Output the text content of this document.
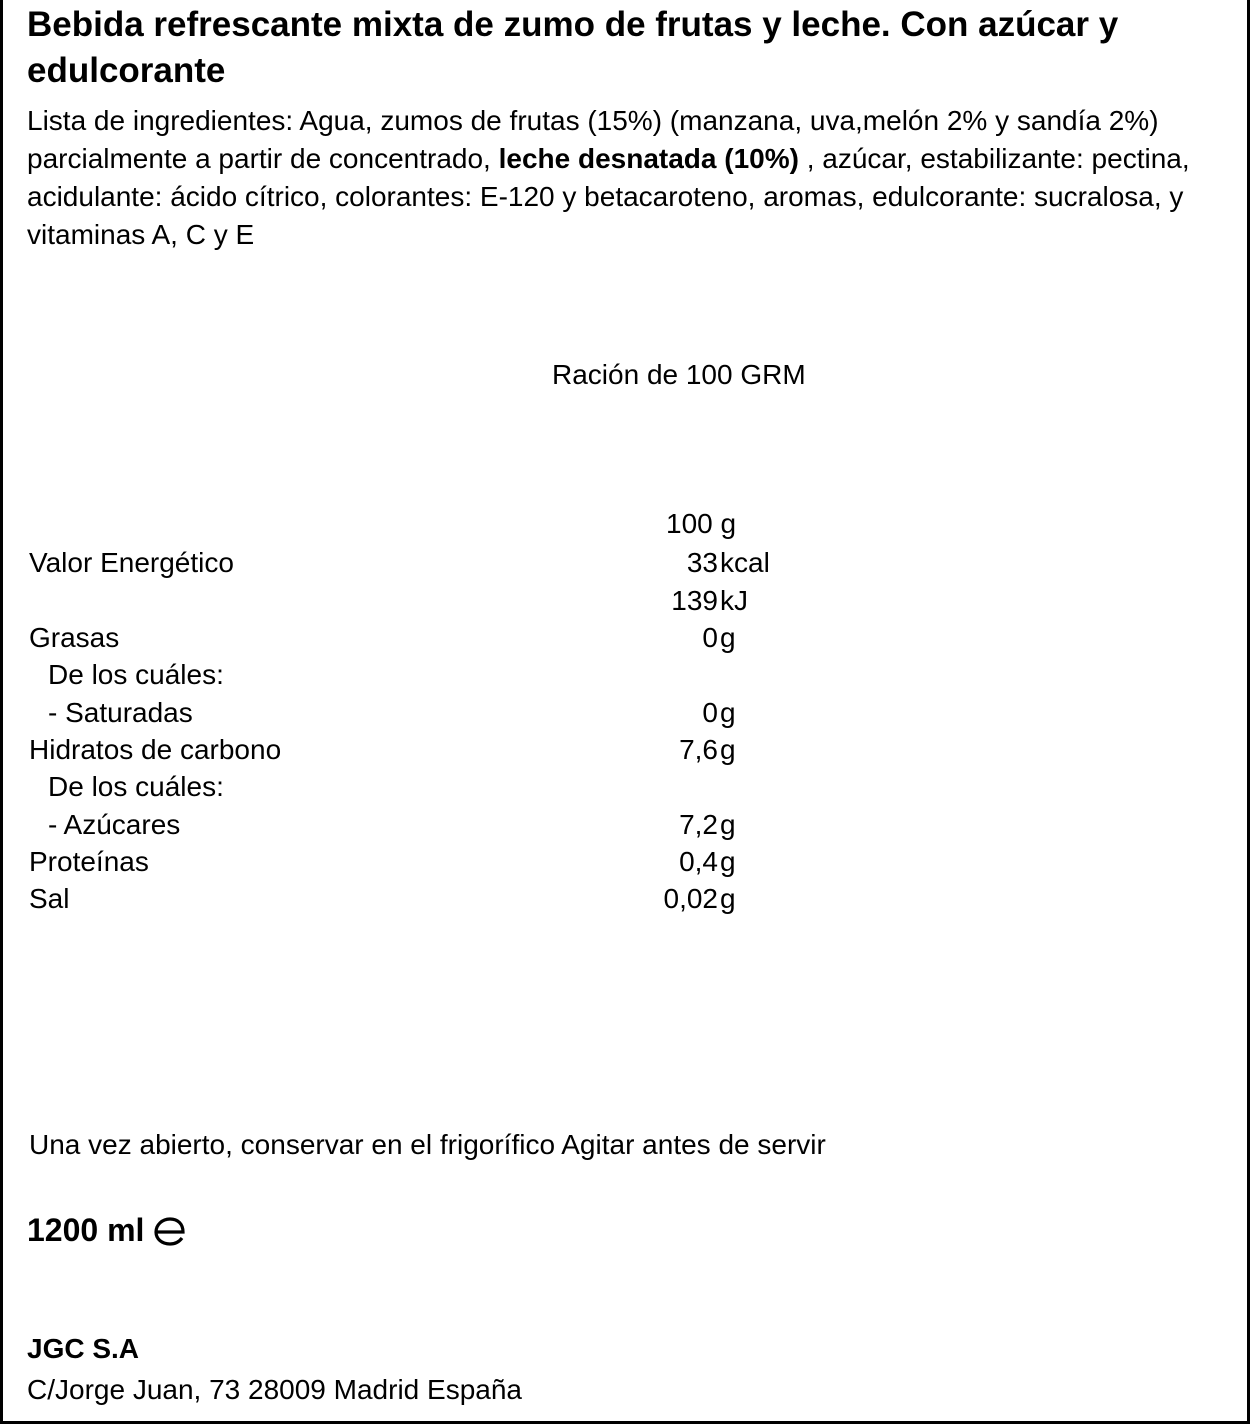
Bebida refrescante mixta de zumo de frutas y leche. Con azúcar y edulcorante
Lista de ingredientes: Agua, zumos de frutas (15%) (manzana, uva,melón 2% y sandía 2%) parcialmente a partir de concentrado, leche desnatada (10%) , azúcar, estabilizante: pectina, acidulante: ácido cítrico, colorantes: E-120 y betacaroteno, aromas, edulcorante: sucralosa, y vitaminas A, C y E
Ración de 100 GRM
100 g
Valor Energético	33 kcal
139 kJ
Grasas	0 g
De los cuáles:
- Saturadas	0 g
Hidratos de carbono	7,6 g
De los cuáles:
- Azúcares	7,2 g
Proteínas	0,4 g
Sal	0,02 g
Una vez abierto, conservar en el frigorífico Agitar antes de servir
1200 ml
JGC S.A
C/Jorge Juan, 73 28009 Madrid España
